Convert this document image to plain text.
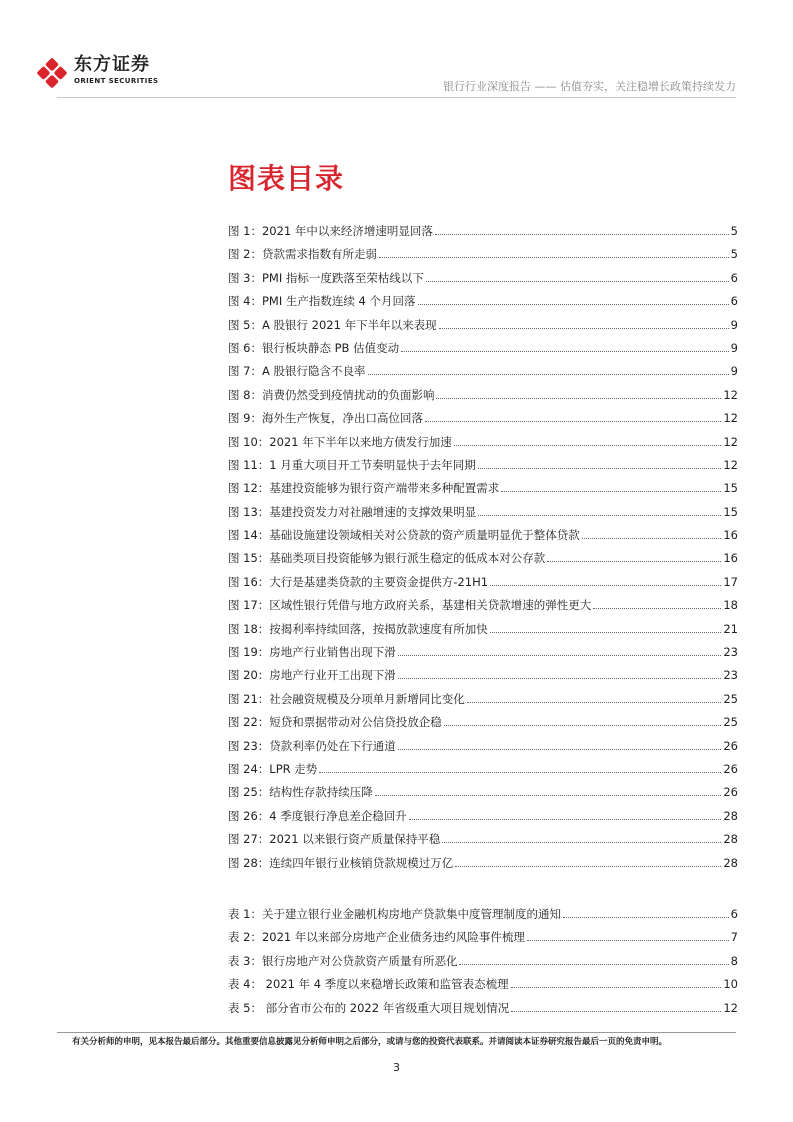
东方证券
ORIENT SECURITIES	银行行业深度报告 —— 估值夯实，关注稳增长政策持续发力
图表目录
图 1：2021 年中以来经济增速明显回落	5
图 2：贷款需求指数有所走弱	5
图 3：PMI 指标一度跌落至荣枯线以下	6
图 4：PMI 生产指数连续 4 个月回落	6
图 5：A 股银行 2021 年下半年以来表现	9
图 6：银行板块静态 PB 估值变动	9
图 7：A 股银行隐含不良率	9
图 8：消费仍然受到疫情扰动的负面影响	12
图 9：海外生产恢复，净出口高位回落	12
图 10：2021 年下半年以来地方债发行加速	12
图 11：1 月重大项目开工节奏明显快于去年同期	12
图 12：基建投资能够为银行资产端带来多种配置需求	15
图 13：基建投资发力对社融增速的支撑效果明显	15
图 14：基础设施建设领域相关对公贷款的资产质量明显优于整体贷款	16
图 15：基础类项目投资能够为银行派生稳定的低成本对公存款	16
图 16：大行是基建类贷款的主要资金提供方-21H1	17
图 17：区域性银行凭借与地方政府关系，基建相关贷款增速的弹性更大	18
图 18：按揭利率持续回落，按揭放款速度有所加快	21
图 19：房地产行业销售出现下滑	23
图 20：房地产行业开工出现下滑	23
图 21：社会融资规模及分项单月新增同比变化	25
图 22：短贷和票据带动对公信贷投放企稳	25
图 23：贷款利率仍处在下行通道	26
图 24：LPR 走势	26
图 25：结构性存款持续压降	26
图 26：4 季度银行净息差企稳回升	28
图 27：2021 以来银行资产质量保持平稳	28
图 28：连续四年银行业核销贷款规模过万亿	28
表 1：关于建立银行业金融机构房地产贷款集中度管理制度的通知	6
表 2：2021 年以来部分房地产企业债务违约风险事件梳理	7
表 3：银行房地产对公贷款资产质量有所恶化	8
表 4： 2021 年 4 季度以来稳增长政策和监管表态梳理	10
表 5： 部分省市公布的 2022 年省级重大项目规划情况	12
有关分析师的申明，见本报告最后部分。其他重要信息披露见分析师申明之后部分，或请与您的投资代表联系。并请阅读本证券研究报告最后一页的免责申明。
3
